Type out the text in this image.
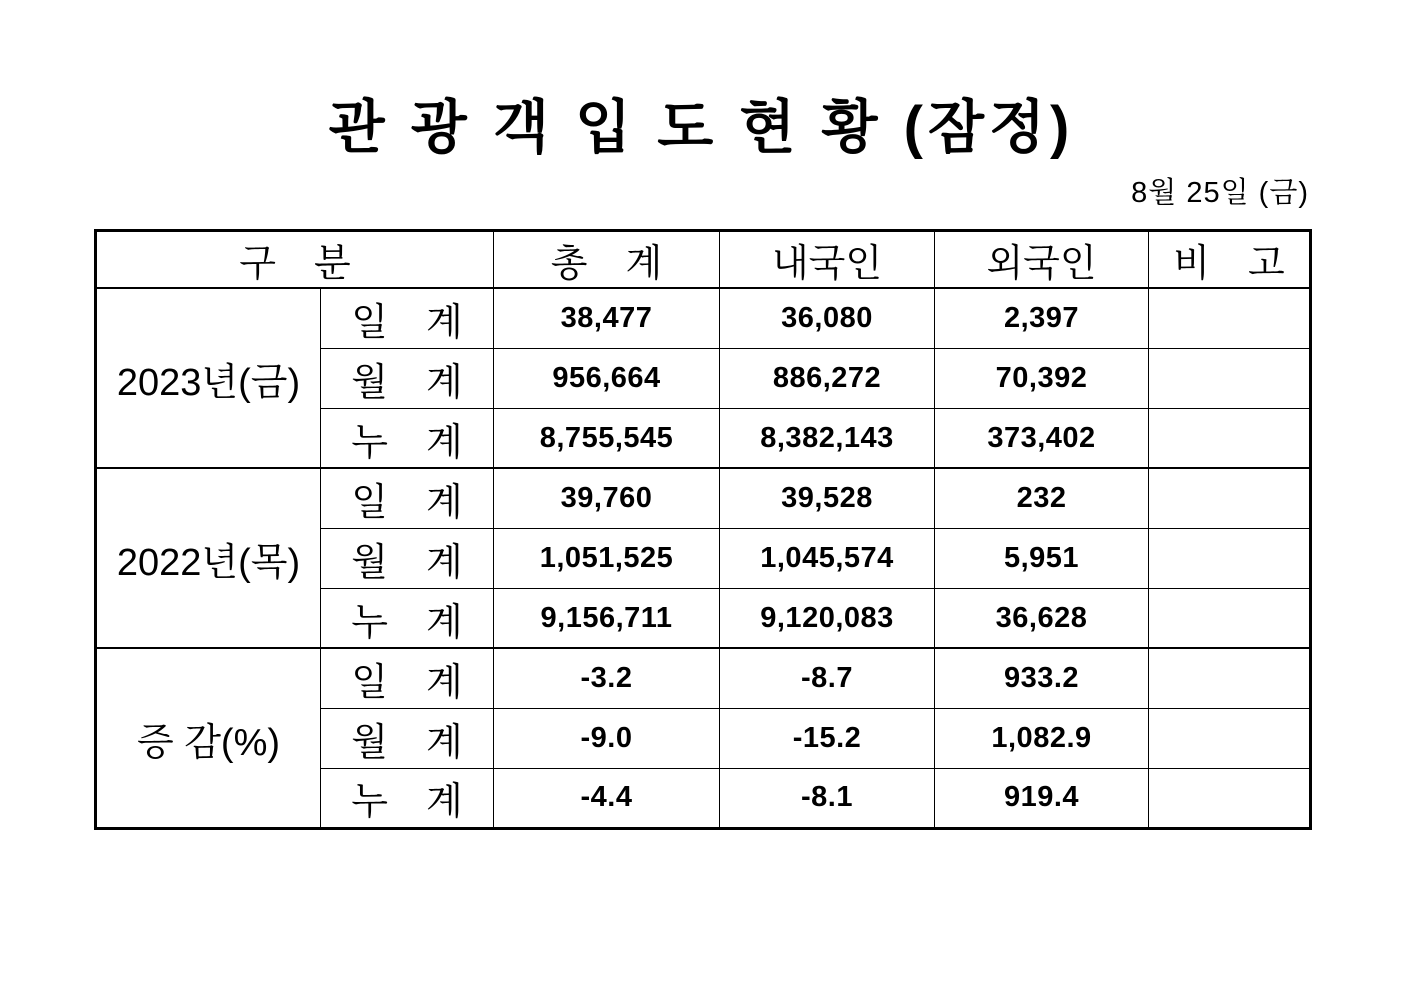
관 광 객 입 도 현 황 (잠정)
8월 25일 (금)
구　분		총　계	내국인	외국인	비　고
2023년(금)	일　계	38,477	36,080	2,397	
	월　계	956,664	886,272	70,392	
	누　계	8,755,545	8,382,143	373,402	
2022년(목)	일　계	39,760	39,528	232	
	월　계	1,051,525	1,045,574	5,951	
	누　계	9,156,711	9,120,083	36,628	
증 감(%)	일　계	-3.2	-8.7	933.2	
	월　계	-9.0	-15.2	1,082.9	
	누　계	-4.4	-8.1	919.4	
